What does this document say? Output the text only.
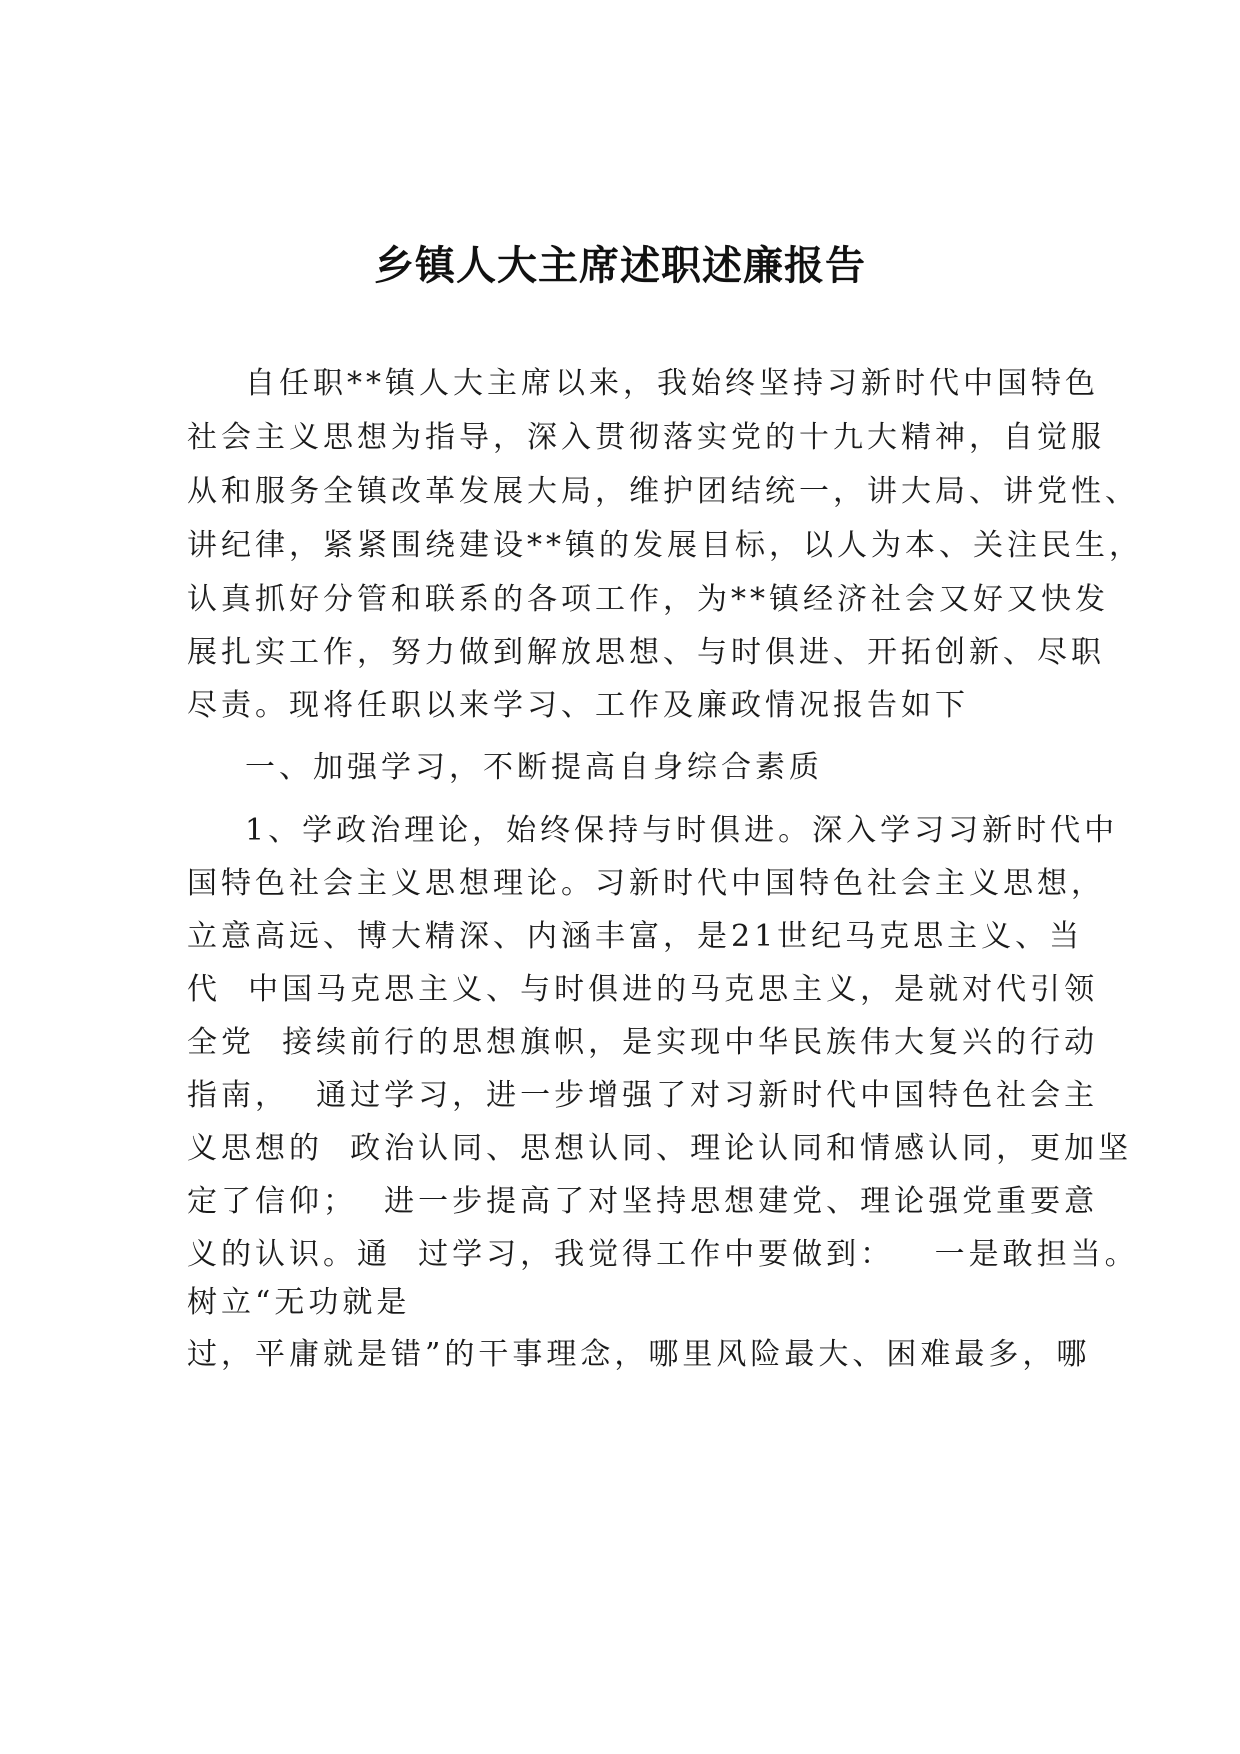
乡镇人大主席述职述廉报告
自任职**镇人大主席以来，我始终坚持习新时代中国特色
社会主义思想为指导，深入贯彻落实党的十九大精神，自觉服
从和服务全镇改革发展大局，维护团结统一，讲大局、讲党性、
讲纪律，紧紧围绕建设**镇的发展目标，以人为本、关注民生，
认真抓好分管和联系的各项工作，为**镇经济社会又好又快发
展扎实工作，努力做到解放思想、与时俱进、开拓创新、尽职
尽责。现将任职以来学习、工作及廉政情况报告如下
一、加强学习，不断提高自身综合素质
1、学政治理论，始终保持与时俱进。深入学习习新时代中
国特色社会主义思想理论。习新时代中国特色社会主义思想，
立意高远、博大精深、内涵丰富，是21世纪马克思主义、当
代  中国马克思主义、与时俱进的马克思主义，是就对代引领
全党  接续前行的思想旗帜，是实现中华民族伟大复兴的行动
指南，  通过学习，进一步增强了对习新时代中国特色社会主
义思想的  政治认同、思想认同、理论认同和情感认同，更加坚
定了信仰；  进一步提高了对坚持思想建党、理论强党重要意
义的认识。通  过学习，我觉得工作中要做到：   一是敢担当。
树立“无功就是
过，平庸就是错”的干事理念，哪里风险最大、困难最多，哪
